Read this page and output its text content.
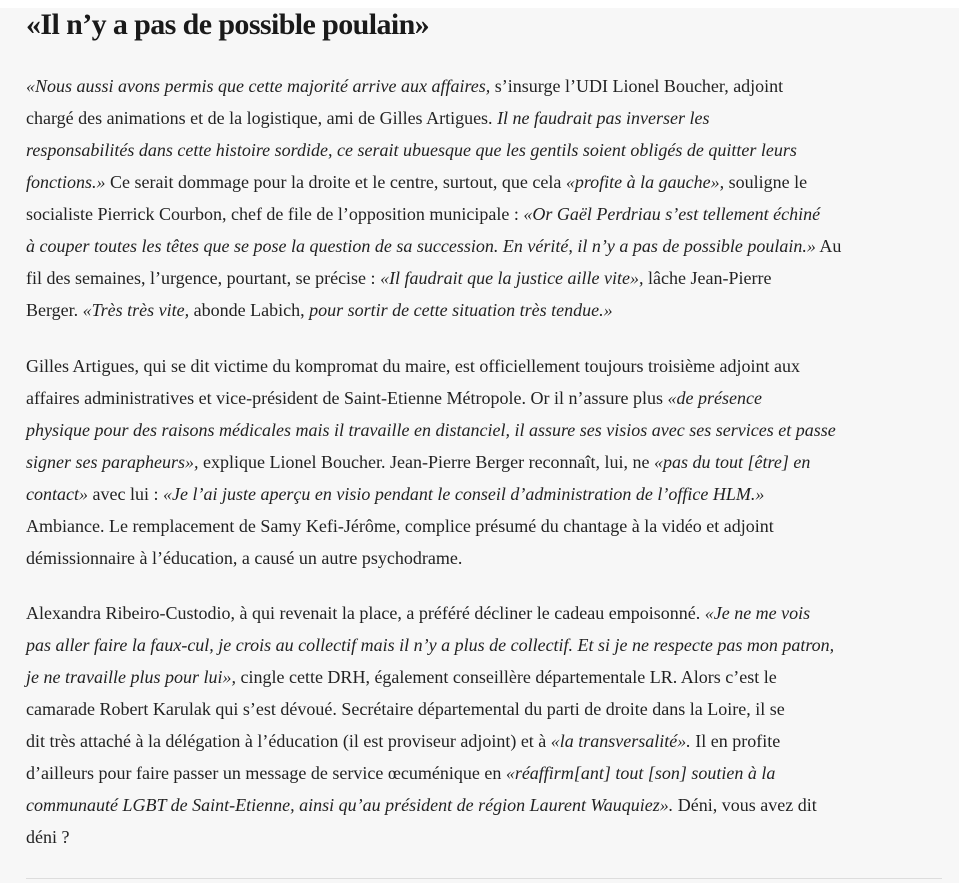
«Il n’y a pas de possible poulain»
«Nous aussi avons permis que cette majorité arrive aux affaires, s’insurge l’UDI Lionel Boucher, adjoint
chargé des animations et de la logistique, ami de Gilles Artigues. Il ne faudrait pas inverser les
responsabilités dans cette histoire sordide, ce serait ubuesque que les gentils soient obligés de quitter leurs
fonctions.» Ce serait dommage pour la droite et le centre, surtout, que cela «profite à la gauche», souligne le
socialiste Pierrick Courbon, chef de file de l’opposition municipale : «Or Gaël Perdriau s’est tellement échiné
à couper toutes les têtes que se pose la question de sa succession. En vérité, il n’y a pas de possible poulain.» Au
fil des semaines, l’urgence, pourtant, se précise : «Il faudrait que la justice aille vite», lâche Jean-Pierre
Berger. «Très très vite, abonde Labich, pour sortir de cette situation très tendue.»
Gilles Artigues, qui se dit victime du kompromat du maire, est officiellement toujours troisième adjoint aux
affaires administratives et vice-président de Saint-Etienne Métropole. Or il n’assure plus «de présence
physique pour des raisons médicales mais il travaille en distanciel, il assure ses visios avec ses services et passe
signer ses parapheurs», explique Lionel Boucher. Jean-Pierre Berger reconnaît, lui, ne «pas du tout [être] en
contact» avec lui : «Je l’ai juste aperçu en visio pendant le conseil d’administration de l’office HLM.»
Ambiance. Le remplacement de Samy Kefi-Jérôme, complice présumé du chantage à la vidéo et adjoint
démissionnaire à l’éducation, a causé un autre psychodrame.
Alexandra Ribeiro-Custodio, à qui revenait la place, a préféré décliner le cadeau empoisonné. «Je ne me vois
pas aller faire la faux-cul, je crois au collectif mais il n’y a plus de collectif. Et si je ne respecte pas mon patron,
je ne travaille plus pour lui», cingle cette DRH, également conseillère départementale LR. Alors c’est le
camarade Robert Karulak qui s’est dévoué. Secrétaire départemental du parti de droite dans la Loire, il se
dit très attaché à la délégation à l’éducation (il est proviseur adjoint) et à «la transversalité». Il en profite
d’ailleurs pour faire passer un message de service œcuménique en «réaffirm[ant] tout [son] soutien à la
communauté LGBT de Saint-Etienne, ainsi qu’au président de région Laurent Wauquiez». Déni, vous avez dit
déni ?
